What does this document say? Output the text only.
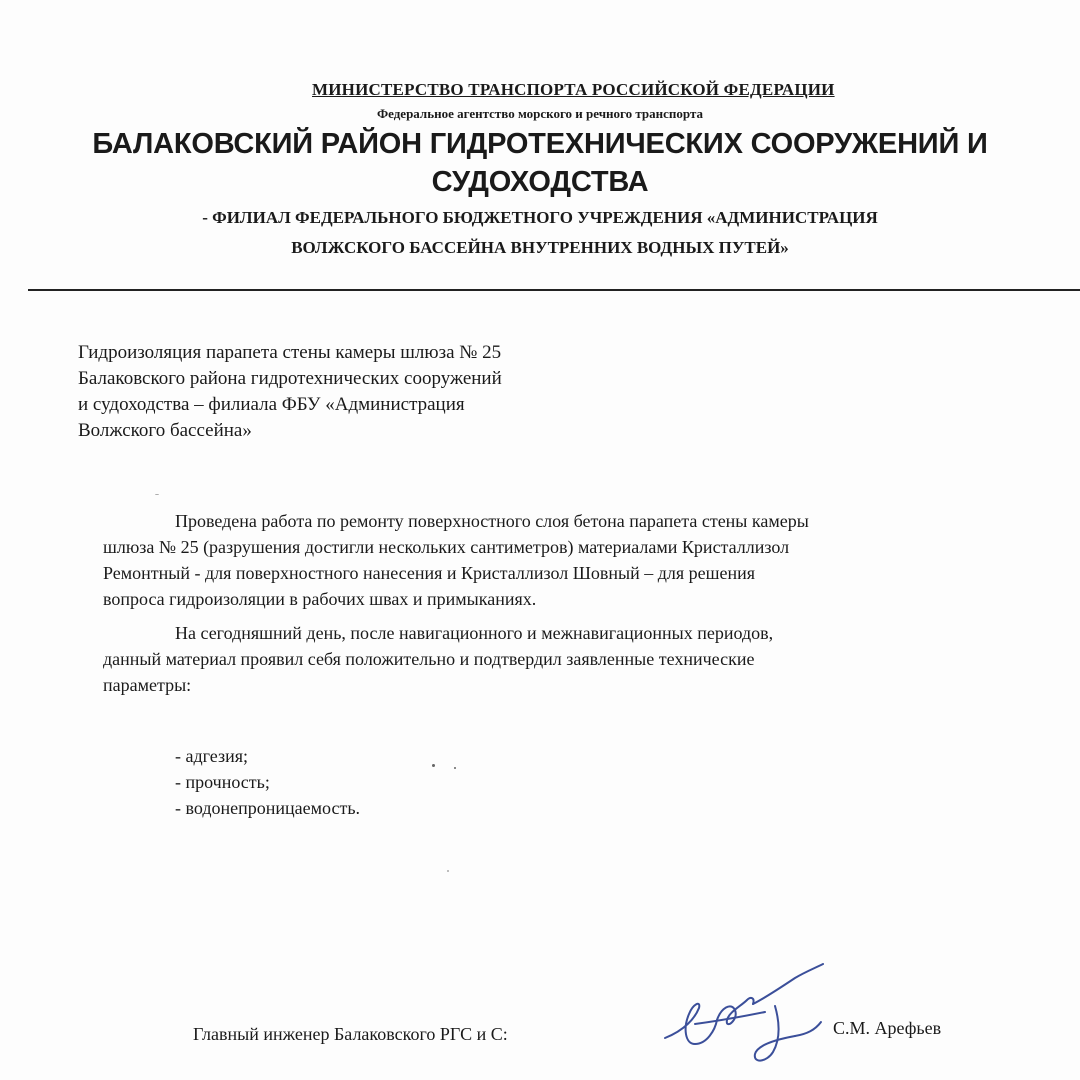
МИНИСТЕРСТВО ТРАНСПОРТА РОССИЙСКОЙ ФЕДЕРАЦИИ
Федеральное агентство морского и речного транспорта
БАЛАКОВСКИЙ РАЙОН ГИДРОТЕХНИЧЕСКИХ СООРУЖЕНИЙ И
СУДОХОДСТВА
- ФИЛИАЛ ФЕДЕРАЛЬНОГО БЮДЖЕТНОГО УЧРЕЖДЕНИЯ «АДМИНИСТРАЦИЯ
ВОЛЖСКОГО БАССЕЙНА ВНУТРЕННИХ ВОДНЫХ ПУТЕЙ»
Гидроизоляция парапета стены камеры шлюза № 25
Балаковского района гидротехнических сооружений
и судоходства – филиала ФБУ «Администрация
Волжского бассейна»
Проведена работа по ремонту поверхностного слоя бетона парапета стены камеры
шлюза № 25 (разрушения достигли нескольких сантиметров) материалами Кристаллизол
Ремонтный - для поверхностного нанесения и Кристаллизол Шовный – для решения
вопроса гидроизоляции в рабочих швах и примыканиях.
На сегодняшний день, после навигационного и межнавигационных периодов,
данный материал проявил себя положительно и подтвердил заявленные технические
параметры:
- адгезия;
- прочность;
- водонепроницаемость.
Главный инженер Балаковского РГС и С:	С.М. Арефьев
